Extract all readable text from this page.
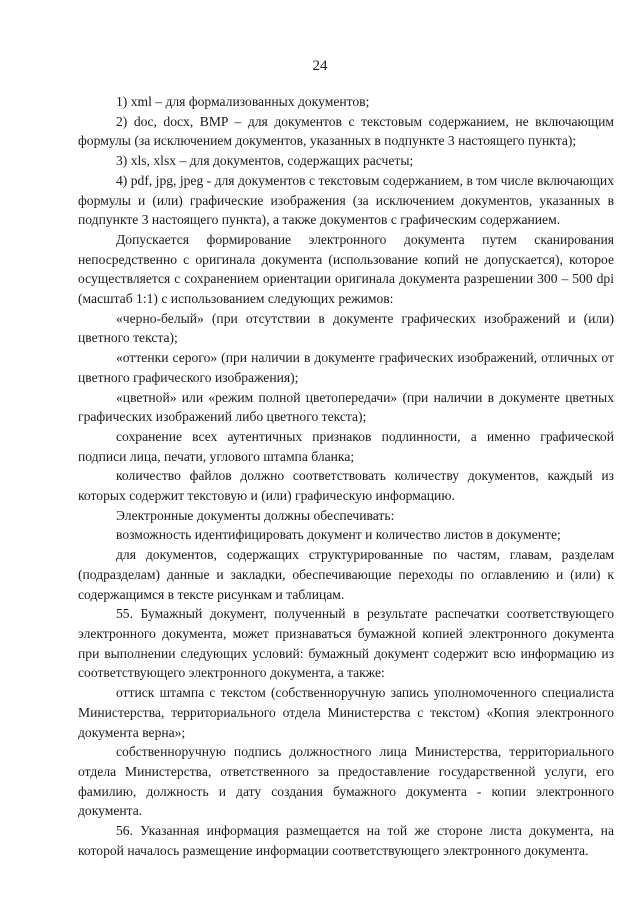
24

1) xml – для формализованных документов;

2) doc, docx, BMP – для документов с текстовым содержанием, не включающим формулы (за исключением документов, указанных в подпункте 3 настоящего пункта);

3) xls, xlsx – для документов, содержащих расчеты;

4) pdf, jpg, jpeg - для документов с текстовым содержанием, в том числе включающих формулы и (или) графические изображения (за исключением документов, указанных в подпункте 3 настоящего пункта), а также документов с графическим содержанием.

Допускается формирование электронного документа путем сканирования непосредственно с оригинала документа (использование копий не допускается), которое осуществляется с сохранением ориентации оригинала документа разрешении 300 – 500 dpi (масштаб 1:1) с использованием следующих режимов:

«черно-белый» (при отсутствии в документе графических изображений и (или) цветного текста);

«оттенки серого» (при наличии в документе графических изображений, отличных от цветного графического изображения);

«цветной» или «режим полной цветопередачи» (при наличии в документе цветных графических изображений либо цветного текста);

сохранение всех аутентичных признаков подлинности, а именно графической подписи лица, печати, углового штампа бланка;

количество файлов должно соответствовать количеству документов, каждый из которых содержит текстовую и (или) графическую информацию.

Электронные документы должны обеспечивать:

возможность идентифицировать документ и количество листов в документе;

для документов, содержащих структурированные по частям, главам, разделам (подразделам) данные и закладки, обеспечивающие переходы по оглавлению и (или) к содержащимся в тексте рисункам и таблицам.

55. Бумажный документ, полученный в результате распечатки соответствующего электронного документа, может признаваться бумажной копией электронного документа при выполнении следующих условий: бумажный документ содержит всю информацию из соответствующего электронного документа, а также:

оттиск штампа с текстом (собственноручную запись уполномоченного специалиста Министерства, территориального отдела Министерства с текстом) «Копия электронного документа верна»;

собственноручную подпись должностного лица Министерства, территориального отдела Министерства, ответственного за предоставление государственной услуги, его фамилию, должность и дату создания бумажного документа - копии электронного документа.

56. Указанная информация размещается на той же стороне листа документа, на которой началось размещение информации соответствующего электронного документа.
